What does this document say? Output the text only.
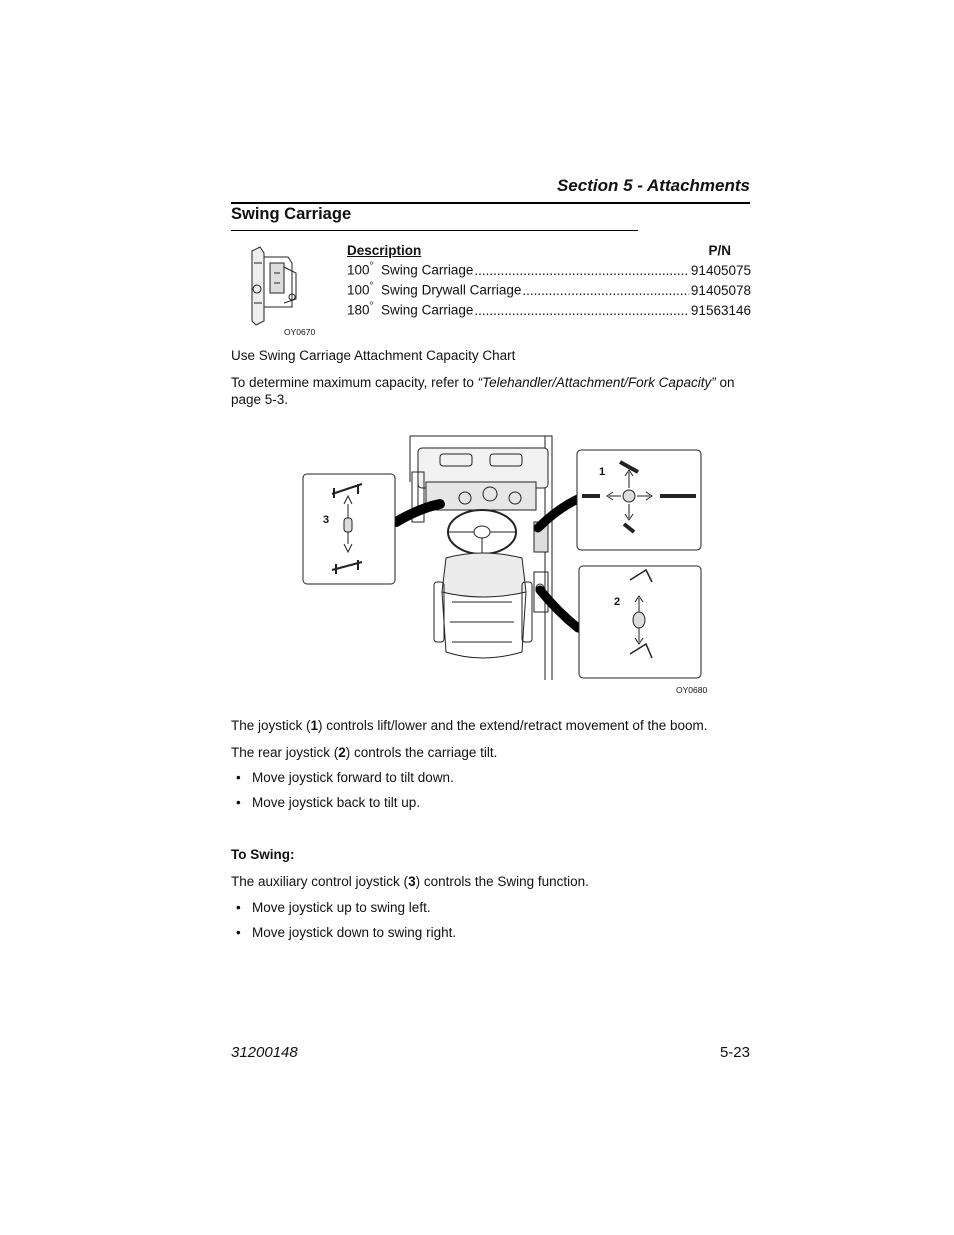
Section 5 - Attachments
Swing Carriage
OY0670
Description	P/N
100° Swing Carriage .....	91405075
100° Swing Drywall Carriage .....	91405078
180° Swing Carriage .....	91563146
Use Swing Carriage Attachment Capacity Chart
To determine maximum capacity, refer to “Telehandler/Attachment/Fork Capacity” on
page 5-3.
1
2
3
OY0680
The joystick (1) controls lift/lower and the extend/retract movement of the boom.
The rear joystick (2) controls the carriage tilt.
• Move joystick forward to tilt down.
• Move joystick back to tilt up.
To Swing:
The auxiliary control joystick (3) controls the Swing function.
• Move joystick up to swing left.
• Move joystick down to swing right.
31200148	5-23
